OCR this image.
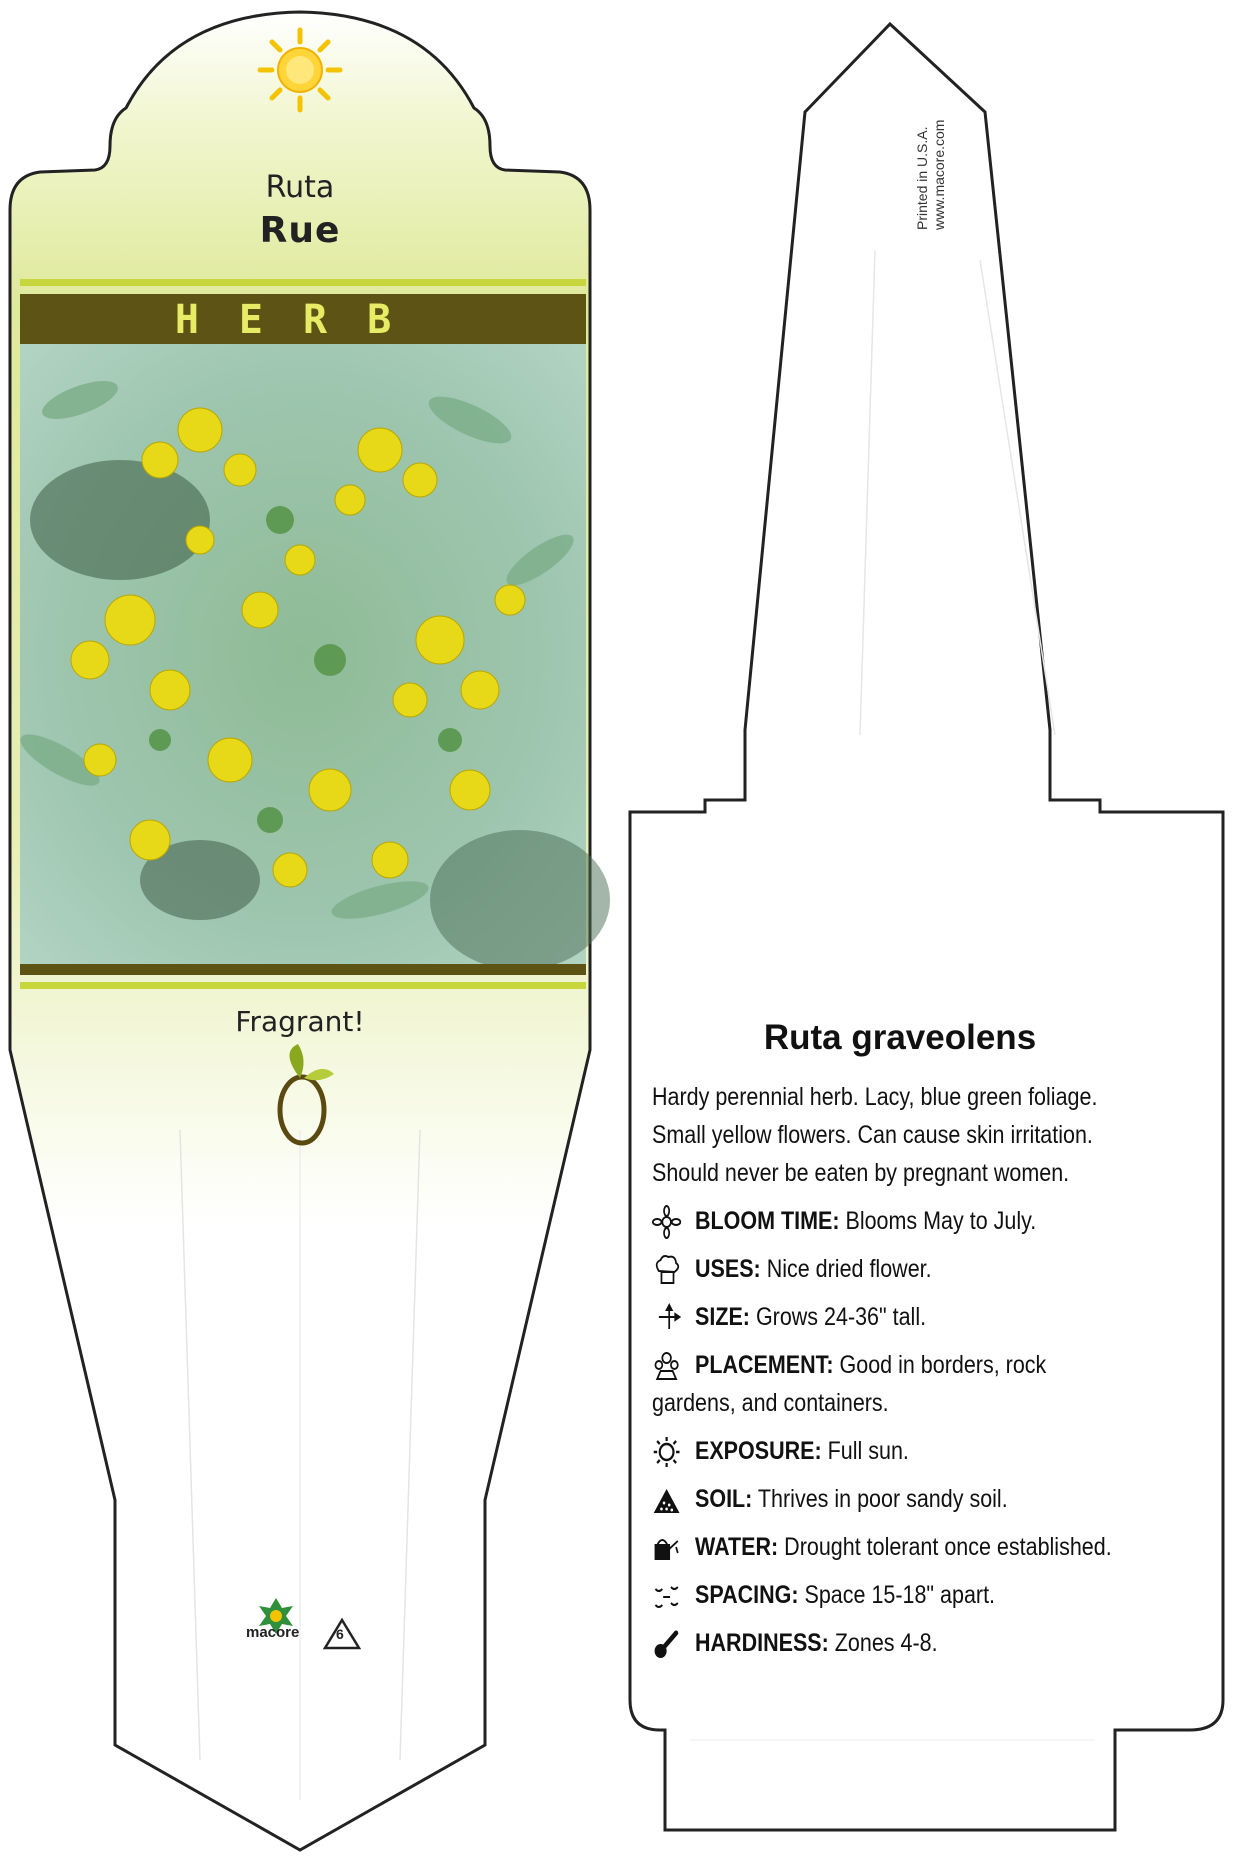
Ruta
Rue
HERB
Fragrant!
macore	6
Printed in U.S.A. www.macore.com
Ruta graveolens

Hardy perennial herb. Lacy, blue green foliage. Small yellow flowers. Can cause skin irritation. Should never be eaten by pregnant women.

BLOOM TIME: Blooms May to July.
USES: Nice dried flower.
SIZE: Grows 24-36" tall.
PLACEMENT: Good in borders, rock gardens, and containers.
EXPOSURE: Full sun.
SOIL: Thrives in poor sandy soil.
WATER: Drought tolerant once established.
SPACING: Space 15-18" apart.
HARDINESS: Zones 4-8.
